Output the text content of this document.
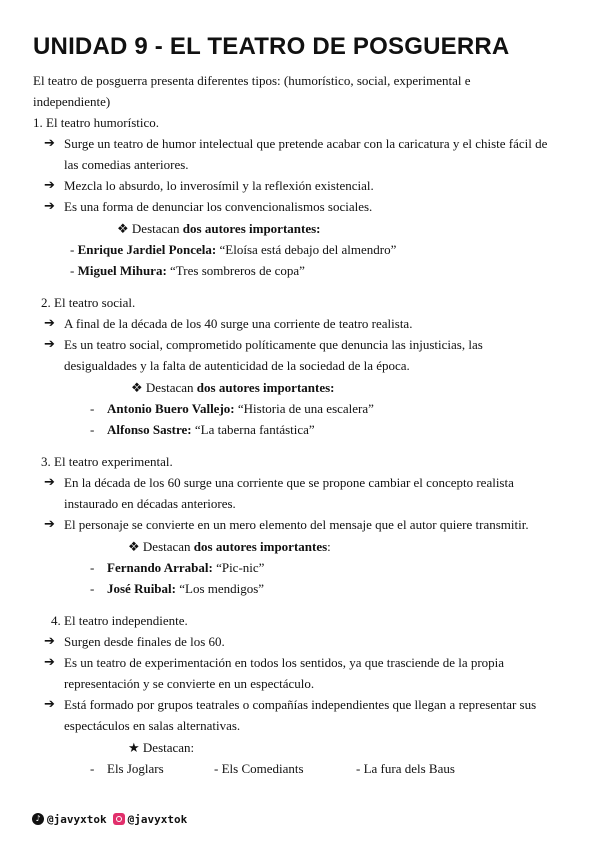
UNIDAD 9 - EL TEATRO DE POSGUERRA
El teatro de posguerra presenta diferentes tipos: (humorístico, social, experimental e
independiente)
1. El teatro humorístico.
➔ Surge un teatro de humor intelectual que pretende acabar con la caricatura y el chiste fácil de
las comedias anteriores.
➔ Mezcla lo absurdo, lo inverosímil y la reflexión existencial.
➔ Es una forma de denunciar los convencionalismos sociales.
❖ Destacan dos autores importantes:
- Enrique Jardiel Poncela: “Eloísa está debajo del almendro”
- Miguel Mihura: “Tres sombreros de copa”
2. El teatro social.
➔ A final de la década de los 40 surge una corriente de teatro realista.
➔ Es un teatro social, comprometido políticamente que denuncia las injusticias, las
desigualdades y la falta de autenticidad de la sociedad de la época.
❖ Destacan dos autores importantes:
- Antonio Buero Vallejo: “Historia de una escalera”
- Alfonso Sastre: “La taberna fantástica”
3. El teatro experimental.
➔ En la década de los 60 surge una corriente que se propone cambiar el concepto realista
instaurado en décadas anteriores.
➔ El personaje se convierte en un mero elemento del mensaje que el autor quiere transmitir.
❖ Destacan dos autores importantes:
- Fernando Arrabal: “Pic-nic”
- José Ruibal: “Los mendigos”
4. El teatro independiente.
➔ Surgen desde finales de los 60.
➔ Es un teatro de experimentación en todos los sentidos, ya que trasciende de la propia
representación y se convierte en un espectáculo.
➔ Está formado por grupos teatrales o compañías independientes que llegan a representar sus
espectáculos en salas alternativas.
★ Destacan:
- Els Joglars	- Els Comediants	- La fura dels Baus
♪ @javyxtok @javyxtok
